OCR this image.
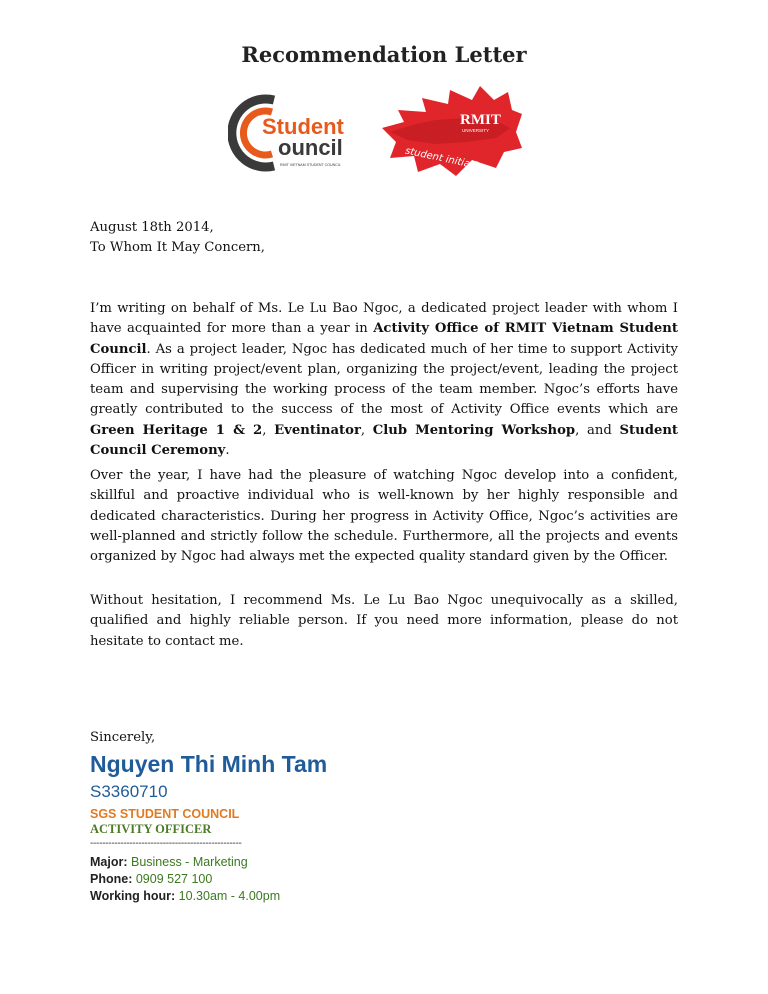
Recommendation Letter
Student
ouncil
RMIT VIETNAM STUDENT COUNCIL
RMIT
UNIVERSITY
student initiative
August 18th 2014,
To Whom It May Concern,
I’m writing on behalf of Ms. Le Lu Bao Ngoc, a dedicated project leader with whom I have acquainted for more than a year in Activity Office of RMIT Vietnam Student Council. As a project leader, Ngoc has dedicated much of her time to support Activity Officer in writing project/event plan, organizing the project/event, leading the project team and supervising the working process of the team member. Ngoc’s efforts have greatly contributed to the success of the most of Activity Office events which are Green Heritage 1 & 2, Eventinator, Club Mentoring Workshop, and Student Council Ceremony.
Over the year, I have had the pleasure of watching Ngoc develop into a confident, skillful and proactive individual who is well-known by her highly responsible and dedicated characteristics. During her progress in Activity Office, Ngoc’s activities are well-planned and strictly follow the schedule. Furthermore, all the projects and events organized by Ngoc had always met the expected quality standard given by the Officer.
Without hesitation, I recommend Ms. Le Lu Bao Ngoc unequivocally as a skilled, qualified and highly reliable person. If you need more information, please do not hesitate to contact me.
Sincerely,
Nguyen Thi Minh Tam
S3360710
SGS STUDENT COUNCIL
ACTIVITY OFFICER
--------------------------------------------------
Major: Business - Marketing
Phone: 0909 527 100
Working hour: 10.30am - 4.00pm
